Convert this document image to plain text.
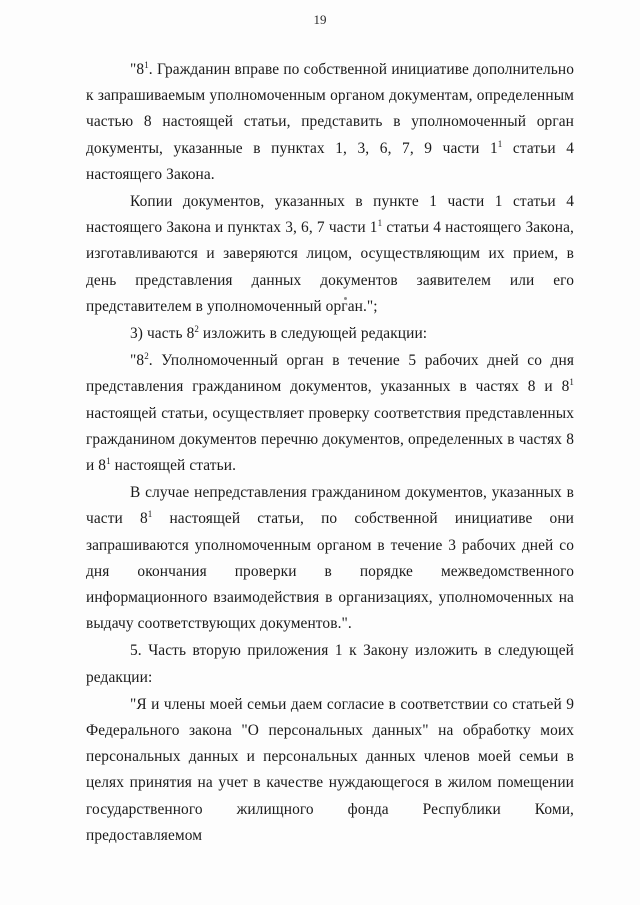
19

"$8^1$. Гражданин вправе по собственной инициативе дополнительно к запрашиваемым уполномоченным органом документам, определенным частью 8 настоящей статьи, представить в уполномоченный орган документы, указанные в пунктах 1, 3, 6, 7, 9 части $1^1$ статьи 4 настоящего Закона.

Копии документов, указанных в пункте 1 части 1 статьи 4 настоящего Закона и пунктах 3, 6, 7 части $1^1$ статьи 4 настоящего Закона, изготавливаются и заверяются лицом, осуществляющим их прием, в день представления данных документов заявителем или его представителем в уполномоченный орган.";

3) часть $8^2$ изложить в следующей редакции:

"$8^2$. Уполномоченный орган в течение 5 рабочих дней со дня представления гражданином документов, указанных в частях 8 и $8^1$ настоящей статьи, осуществляет проверку соответствия представленных гражданином документов перечню документов, определенных в частях 8 и $8^1$ настоящей статьи.

В случае непредставления гражданином документов, указанных в части $8^1$ настоящей статьи, по собственной инициативе они запрашиваются уполномоченным органом в течение 3 рабочих дней со дня окончания проверки в порядке межведомственного информационного взаимодействия в организациях, уполномоченных на выдачу соответствующих документов.".

5. Часть вторую приложения 1 к Закону изложить в следующей редакции:

"Я и члены моей семьи даем согласие в соответствии со статьей 9 Федерального закона "О персональных данных" на обработку моих персональных данных и персональных данных членов моей семьи в целях принятия на учет в качестве нуждающегося в жилом помещении государственного жилищного фонда Республики Коми, предоставляемом
